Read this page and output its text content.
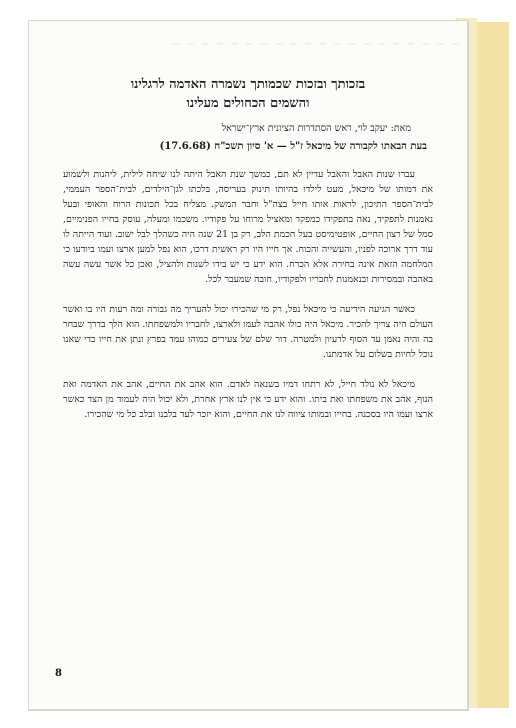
~ ~ ~ ~ ~ ~ ~ ~ ~ ~ ~ ~ ~ ~ ~ ~ ~ ~ ~ ~
בזכותך ובזכות שכמותך נשמרה האדמה לרגלינו
והשמים הכחולים מעלינו
מאת: יעקב לוי, ראש הסתדרות הציונית ארץ־ישראל
בעת הבאתו לקבורה של מיכאל ז"ל — א' סיון תשכ"ח (17.6.68)

עברו שנות האבל והאבל עדיין לא תם, כמשך שנת האבל היתה לנו שיחה לילית, ליהנות ולשמוע את דמותו של מיכאל, מעט לילדו בהיותו תינוק בעריסה, בלכתו לגן־הילדים, לבית־הספר העממי, לבית־הספר התיכון, לראות אותו חייל בצה"ל וחבר המשק. מצליח בכל תכונות הרוח והאופי ובעל נאמנות לתפקיד, נאה בתפקידו כמפקד ומאציל מרוחו על פקודיו. משכמו ומעלה, עוסק בחייו הפנימיים, סמל של רצון החיים, אופטימיסט בעל חכמת הלב, רק בן 21 שנה היה כשהלך לבל ישוב. ועוד הייתה לו עוד דרך ארוכה לפניו, והעשייה והכוח. אך חייו היו רק ראשית דרכו, הוא נפל למען ארצו ועמו ביודעו כי המלחמה הזאת אינה בחירה אלא הכרח. הוא ידע כי יש בידו לשנות ולהציל, ואכן כל אשר עשה עשה באהבה ובמסירות ובנאמנות לחבריו ולפקודיו, חובה שמעבר לכל.

כאשר הגיעה הידיעה כי מיכאל נפל, רק מי שהכירו יכול להעריך מה גבורה ומה רעות היו בו ואשר העולם היה צריך להכיר. מיכאל היה כולו אהבה לעמו ולארצו, לחבריו ולמשפחתו. הוא הלך בדרך שבחר בה והיה נאמן עד הסוף לרעיון ולמטרה. דור שלם של צעירים כמוהו עמד בפרץ ונתן את חייו כדי שאנו נוכל לחיות בשלום על אדמתנו.

מיכאל לא נולד חייל, לא רתחו דמיו בשנאה לאדם. הוא אהב את החיים, אהב את האדמה ואת הנוף, אהב את משפחתו ואת ביתו. והוא ידע כי אין לנו ארץ אחרת, ולא יכול היה לעמוד מן הצד כאשר ארצו ועמו היו בסכנה. בחייו ובמותו ציווה לנו את החיים, והוא יזכר לעד בלבנו ובלב כל מי שהכירו.

8
